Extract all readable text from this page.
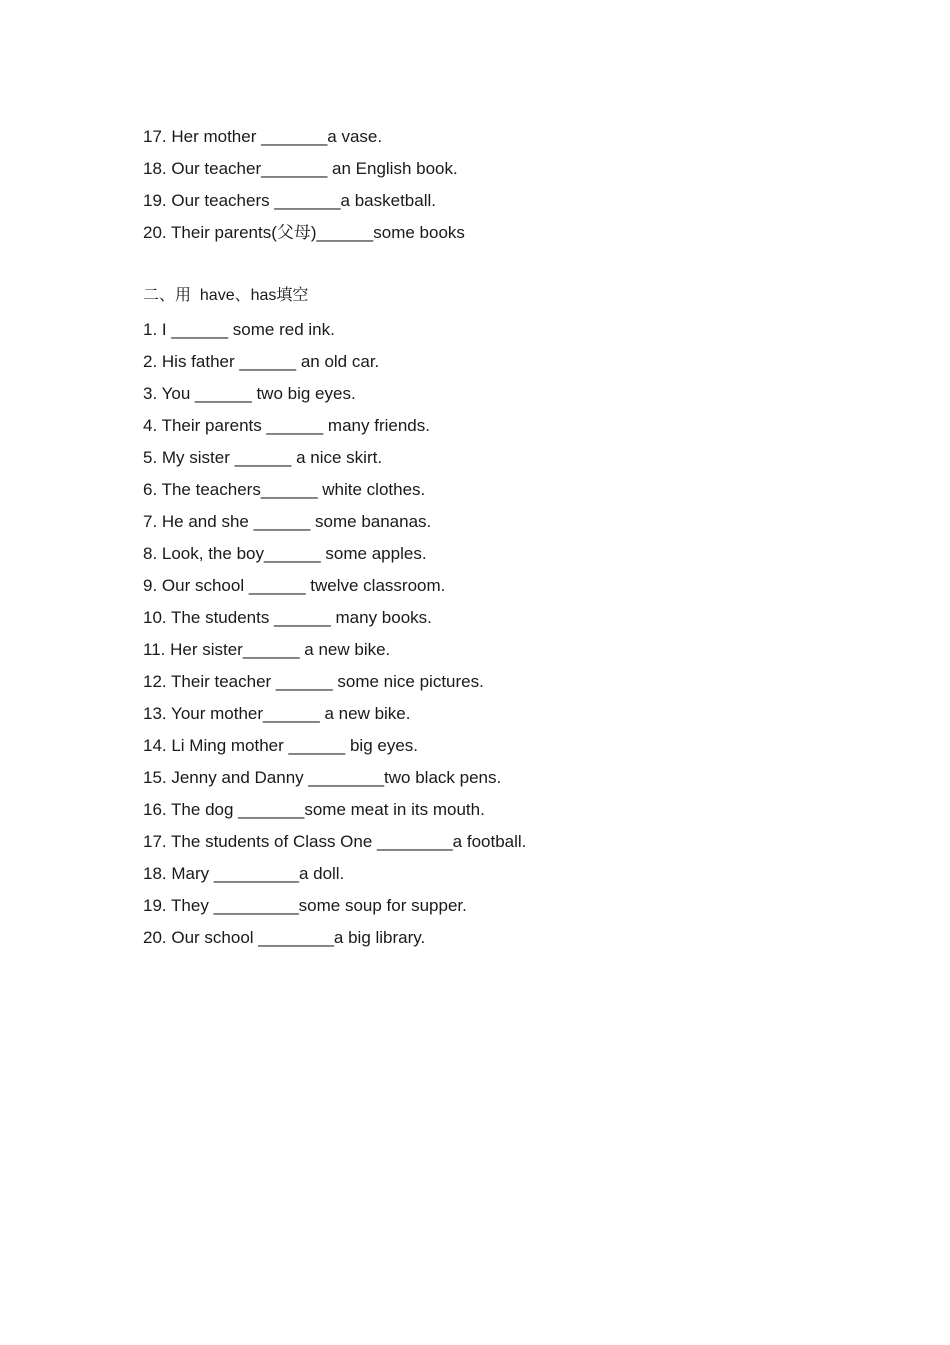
17. Her mother _______a vase.
18. Our teacher_______ an English book.
19. Our teachers _______a basketball.
20. Their parents(父母)______some books
二、用  have、has填空
1. I ______ some red ink.
2. His father ______ an old car.
3. You ______ two big eyes.
4. Their parents ______ many friends.
5. My sister ______ a nice skirt.
6. The teachers______ white clothes.
7. He and she ______ some bananas.
8. Look, the boy______ some apples.
9. Our school ______ twelve classroom.
10. The students ______ many books.
11. Her sister______ a new bike.
12. Their teacher ______ some nice pictures.
13. Your mother______ a new bike.
14. Li Ming mother ______ big eyes.
15. Jenny and Danny ________two black pens.
16. The dog _______some meat in its mouth.
17. The students of Class One ________a football.
18. Mary _________a doll.
19. They _________some soup for supper.
20. Our school ________a big library.
